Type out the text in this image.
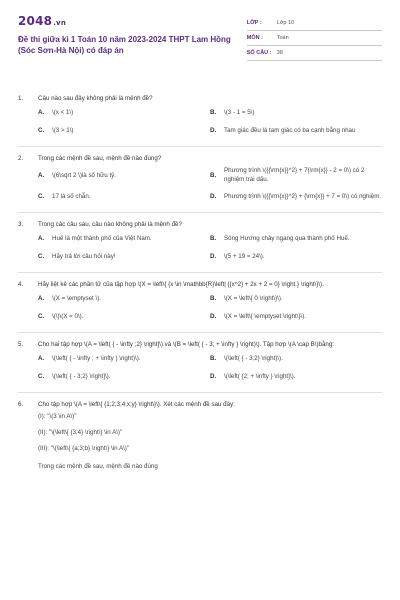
2048.vn
Đề thi giữa kì 1 Toán 10 năm 2023-2024 THPT Lam Hồng (Sóc Sơn-Hà Nội) có đáp án
LỚP :	Lớp 10
MÔN :	Toán
SỐ CÂU : 38
1.	Câu nào sau đây không phải là mệnh đề?
A.	\(x < 1\)	B.	\(3 - 1 = 5\)
C.	\(3 > 1\)	D.	Tam giác đều là tam giác có ba cạnh bằng nhau
2.	Trong các mệnh đề sau, mệnh đề nào đúng?
A.	\(6\sqrt 2 \)là số hữu tỷ.	B.
Phương trình \({{\rm{x}}^2} + 7{\rm{x}} - 2 = 0\) có 2 nghiệm trái dấu.
C.	17 là số chẵn.	D.	Phương trình \({{\rm{x}}^2} + {\rm{x}} + 7 = 0\) có nghiệm.
3.	Trong các câu sau, câu nào không phải là mệnh đề?
A.	Huế là một thành phố của Việt Nam.	B.	Sông Hương chảy ngang qua thành phố Huế.
C.	Hãy trả lời câu hỏi này!	D.	\(5 + 19 = 24\).
4.	Hãy liệt kê các phần tử của tập hợp \(X = \left\{ {x \in \mathbb{R}\left| {{x^2} + 2x + 2 = 0} \right.} \right\}\).
A.	\(X = \emptyset \).	B.	\(X = \left\{ 0 \right\}\).
C.	\(\)\(X = 0\).	D.	\(X = \left\{ \emptyset \right\}\).
5.	Cho hai tập hợp \(A = \left( { - \infty ;2} \right]\) và \(B = \left( { - 3; + \infty } \right)\). Tập hợp \(A \cap B\)bằng:
A.	\(\left( { - \infty ; + \infty } \right)\).	B.	\(\left( { - 3;2} \right)\).
C.	\(\left( { - 3;2} \right]\).	D.	\(\left( {2; + \infty } \right]\).
6.	Cho tập hợp \(A = \left\{ {1;2;3;4;x;y} \right\}\). Xét các mệnh đề sau đây:
(I): "\(3 \in A\)"
(II): "\(\left\{ {3;4} \right\} \in A\)"
(III): "\(\left\{ {a;3;b} \right\} \in A\)"
Trong các mệnh đề sau, mệnh đề nào đúng
